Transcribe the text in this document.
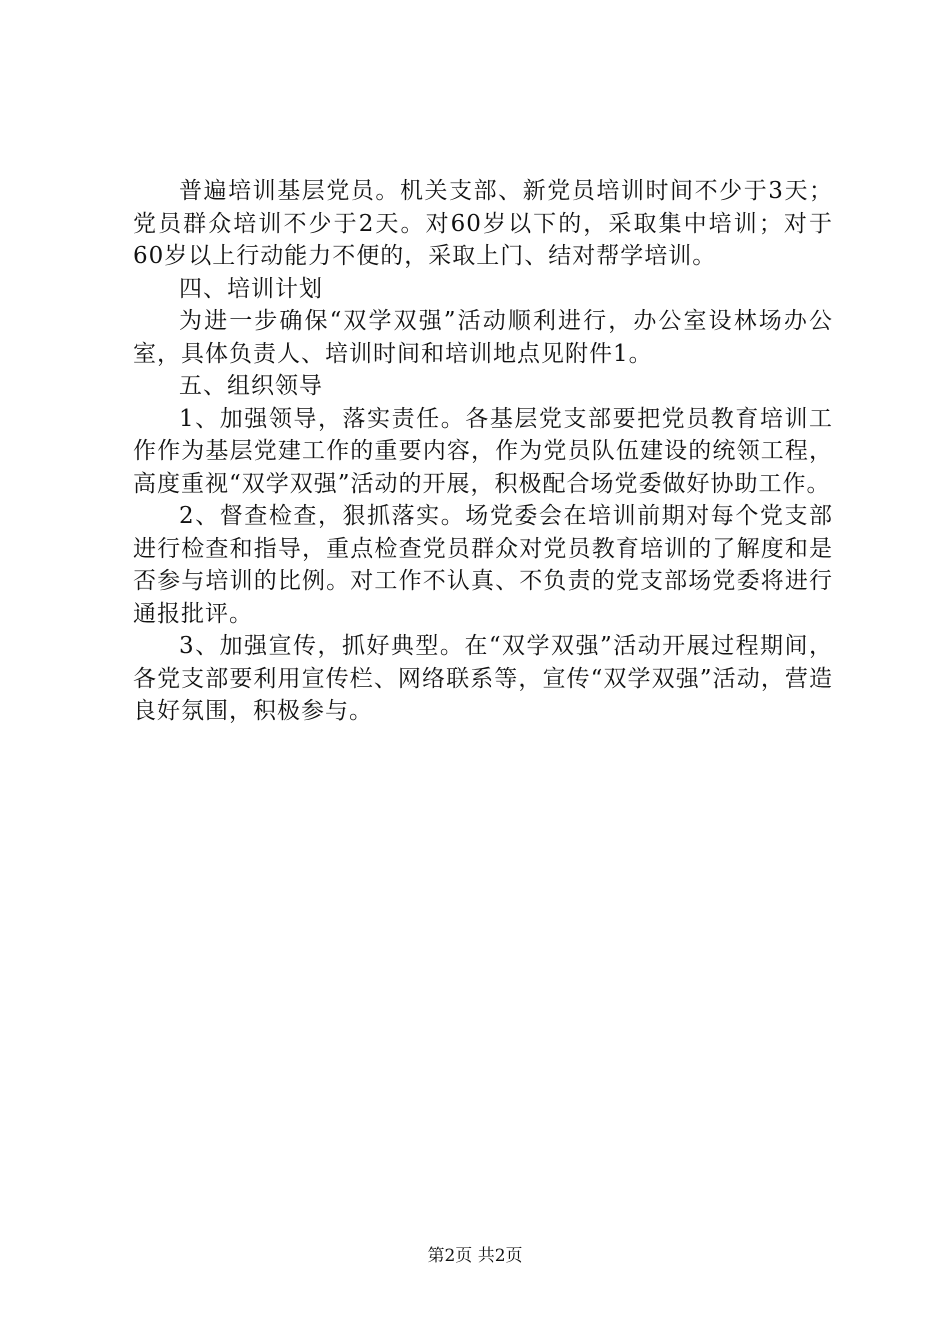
普遍培训基层党员。机关支部、新党员培训时间不少于3天；党员群众培训不少于2天。对60岁以下的，采取集中培训；对于60岁以上行动能力不便的，采取上门、结对帮学培训。

四、培训计划

为进一步确保“双学双强”活动顺利进行，办公室设林场办公室，具体负责人、培训时间和培训地点见附件1。

五、组织领导

1、加强领导，落实责任。各基层党支部要把党员教育培训工作作为基层党建工作的重要内容，作为党员队伍建设的统领工程，高度重视“双学双强”活动的开展，积极配合场党委做好协助工作。

2、督查检查，狠抓落实。场党委会在培训前期对每个党支部进行检查和指导，重点检查党员群众对党员教育培训的了解度和是否参与培训的比例。对工作不认真、不负责的党支部场党委将进行通报批评。

3、加强宣传，抓好典型。在“双学双强”活动开展过程期间，各党支部要利用宣传栏、网络联系等，宣传“双学双强”活动，营造良好氛围，积极参与。

第2页 共2页
